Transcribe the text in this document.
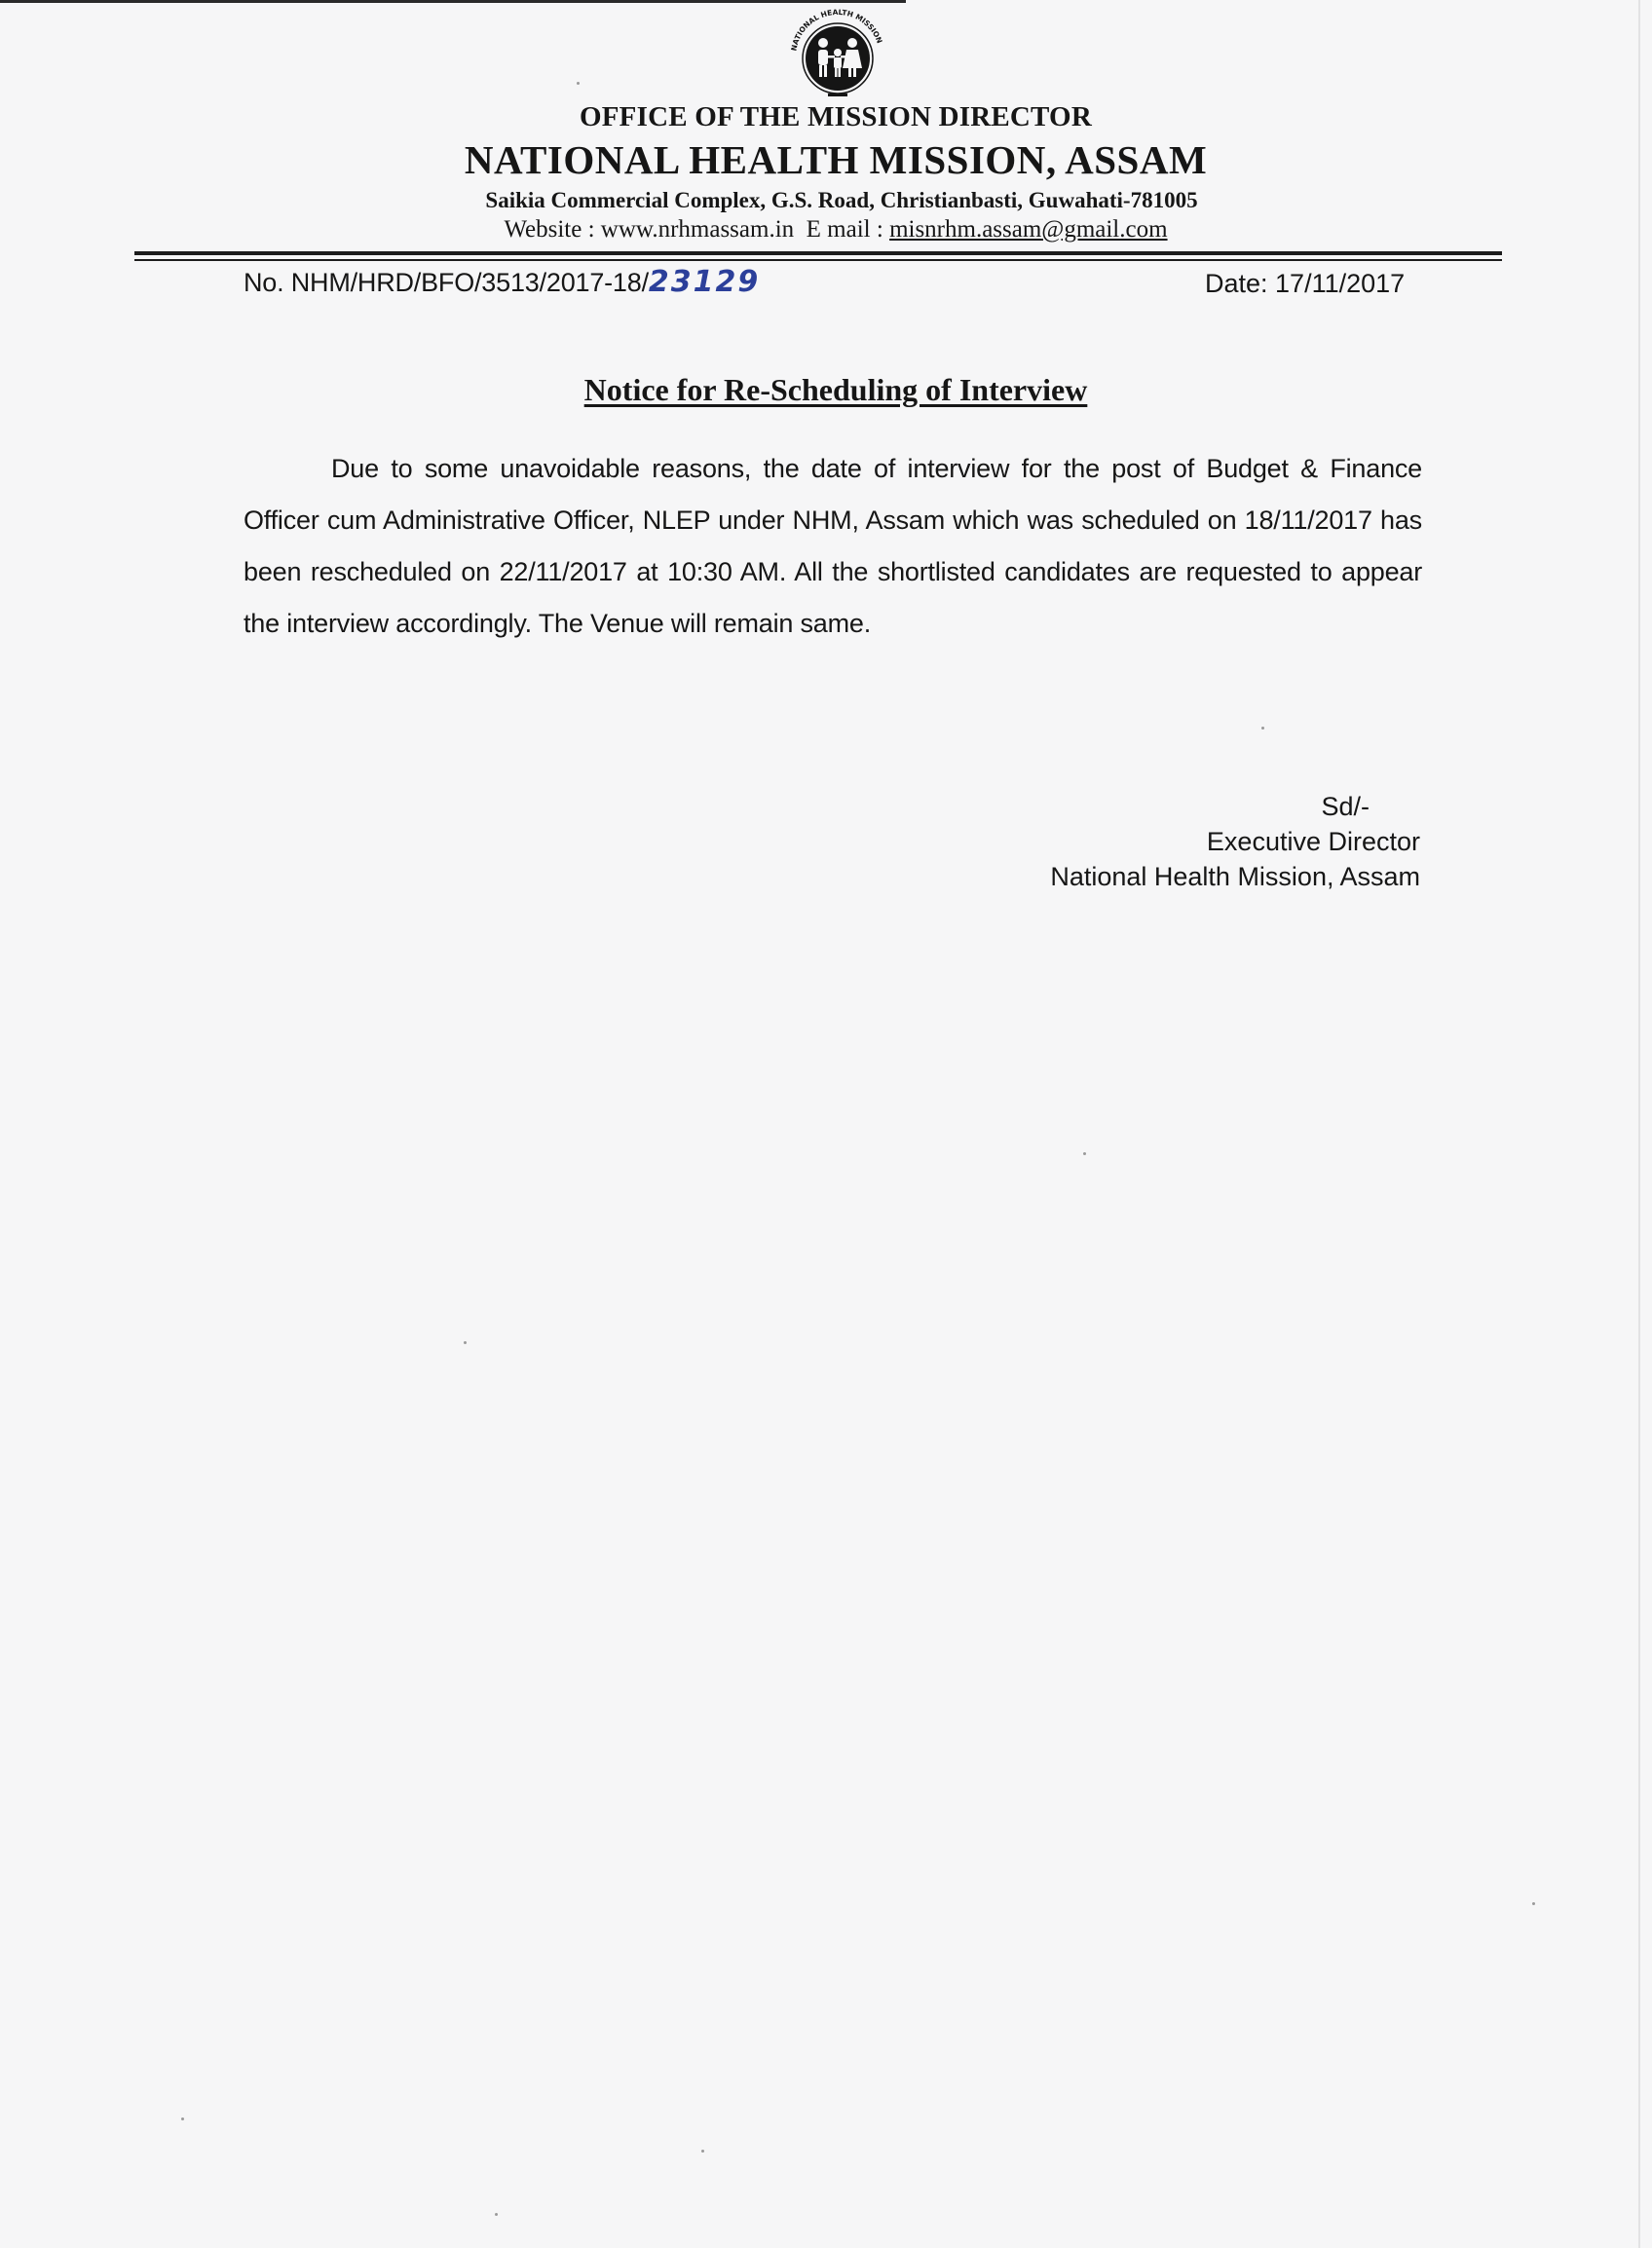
NATIONAL HEALTH MISSION
OFFICE OF THE MISSION DIRECTOR
NATIONAL HEALTH MISSION, ASSAM
Saikia Commercial Complex, G.S. Road, Christianbasti, Guwahati-781005
Website : www.nrhmassam.in  E mail : misnrhm.assam@gmail.com
No. NHM/HRD/BFO/3513/2017-18/23129	Date: 17/11/2017
Notice for Re-Scheduling of Interview
Due to some unavoidable reasons, the date of interview for the post of Budget & Finance Officer cum Administrative Officer, NLEP under NHM, Assam which was scheduled on 18/11/2017 has been rescheduled on 22/11/2017 at 10:30 AM. All the shortlisted candidates are requested to appear the interview accordingly. The Venue will remain same.
Sd/-
Executive Director
National Health Mission, Assam
